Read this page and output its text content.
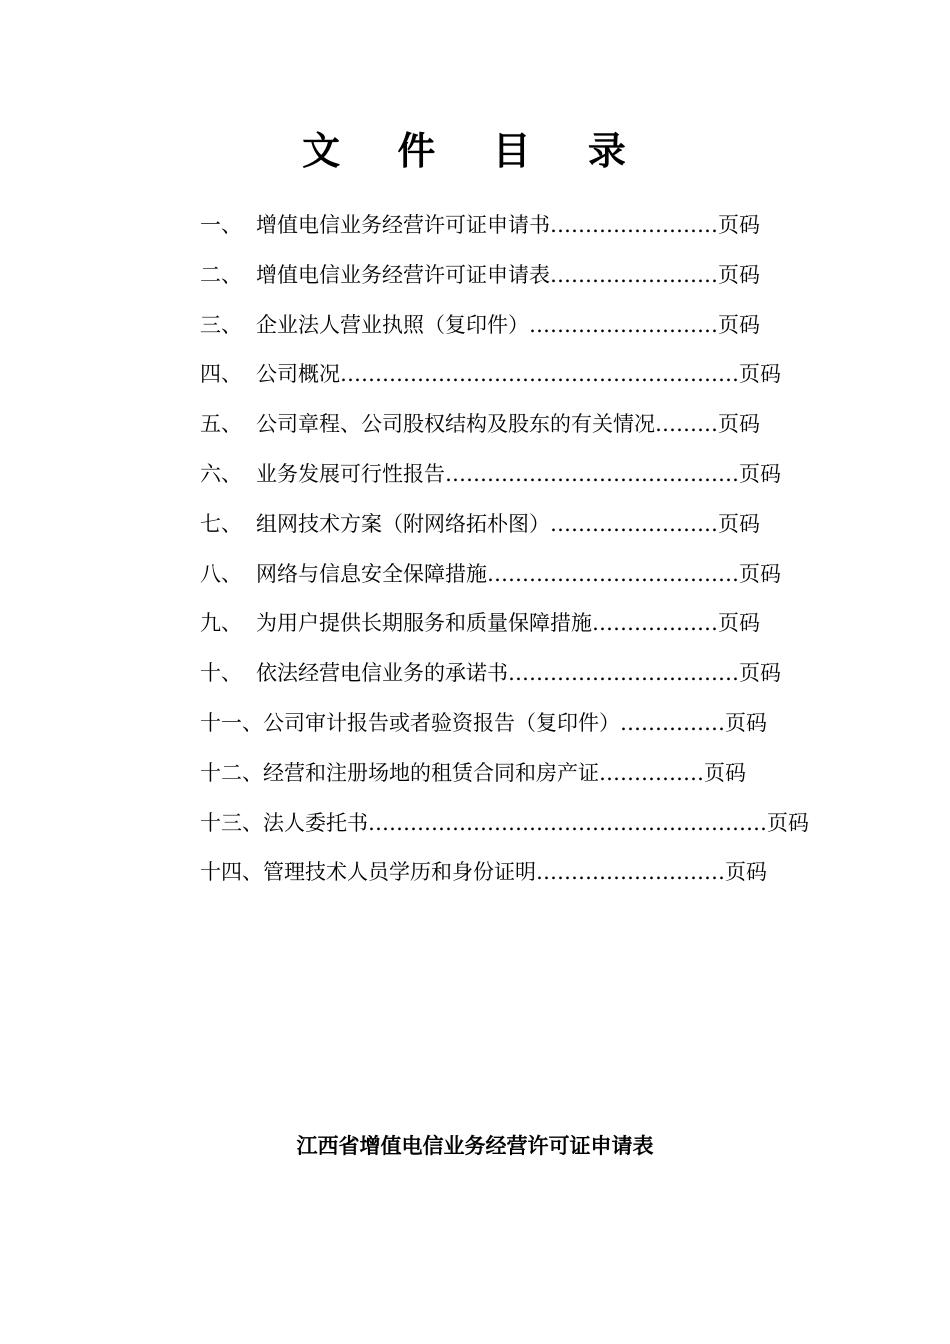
文 件 目 录
一、 增值电信业务经营许可证申请书……………………页码
二、 增值电信业务经营许可证申请表……………………页码
三、 企业法人营业执照（复印件）………………………页码
四、 公司概况…………………………………………………页码
五、 公司章程、公司股权结构及股东的有关情况………页码
六、 业务发展可行性报告……………………………………页码
七、 组网技术方案（附网络拓朴图）……………………页码
八、 网络与信息安全保障措施………………………………页码
九、 为用户提供长期服务和质量保障措施………………页码
十、 依法经营电信业务的承诺书……………………………页码
十一、公司审计报告或者验资报告（复印件）……………页码
十二、经营和注册场地的租赁合同和房产证……………页码
十三、法人委托书…………………………………………………页码
十四、管理技术人员学历和身份证明………………………页码
江西省增值电信业务经营许可证申请表
